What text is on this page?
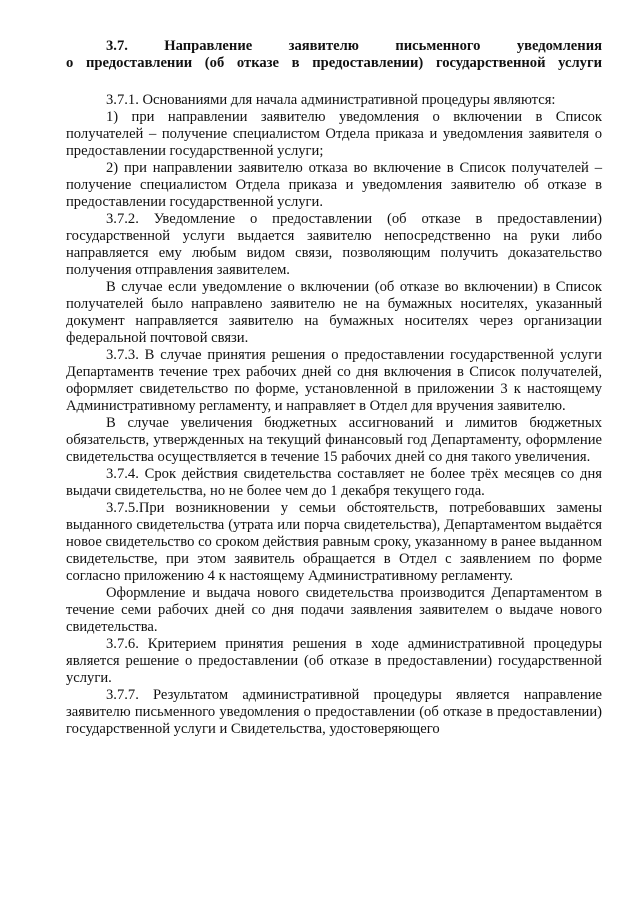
3.7. Направление заявителю письменного уведомления

о предоставлении (об отказе в предоставлении) государственной услуги

3.7.1. Основаниями для начала административной процедуры являются:

1) при направлении заявителю уведомления о включении в Список получателей – получение специалистом Отдела приказа и уведомления заявителя о предоставлении государственной услуги;

2) при направлении заявителю отказа во включение в Список получателей – получение специалистом Отдела приказа и уведомления заявителю об отказе в предоставлении государственной услуги.

3.7.2. Уведомление о предоставлении (об отказе в предоставлении) государственной услуги выдается заявителю непосредственно на руки либо направляется ему любым видом связи, позволяющим получить доказательство получения отправления заявителем.

В случае если уведомление о включении (об отказе во включении) в Список получателей было направлено заявителю не на бумажных носителях, указанный документ направляется заявителю на бумажных носителях через организации федеральной почтовой связи.

3.7.3. В случае принятия решения о предоставлении государственной услуги Департаментв течение трех рабочих дней со дня включения в Список получателей, оформляет свидетельство по форме, установленной в приложении 3 к настоящему Административному регламенту, и направляет в Отдел для вручения заявителю.

В случае увеличения бюджетных ассигнований и лимитов бюджетных обязательств, утвержденных на текущий финансовый год Департаменту, оформление свидетельства осуществляется в течение 15 рабочих дней со дня такого увеличения.

3.7.4. Срок действия свидетельства составляет не более трёх месяцев со дня выдачи свидетельства, но не более чем до 1 декабря текущего года.

3.7.5.При возникновении у семьи обстоятельств, потребовавших замены выданного свидетельства (утрата или порча свидетельства), Департаментом выдаётся новое свидетельство со сроком действия равным сроку, указанному в ранее выданном свидетельстве, при этом заявитель обращается в Отдел с заявлением по форме согласно приложению 4 к настоящему Административному регламенту.

Оформление и выдача нового свидетельства производится Департаментом в течение семи рабочих дней со дня подачи заявления заявителем о выдаче нового свидетельства.

3.7.6. Критерием принятия решения в ходе административной процедуры является решение о предоставлении (об отказе в предоставлении) государственной услуги.

3.7.7. Результатом административной процедуры является направление заявителю письменного уведомления о предоставлении (об отказе в предоставлении) государственной услуги и Свидетельства, удостоверяющего
